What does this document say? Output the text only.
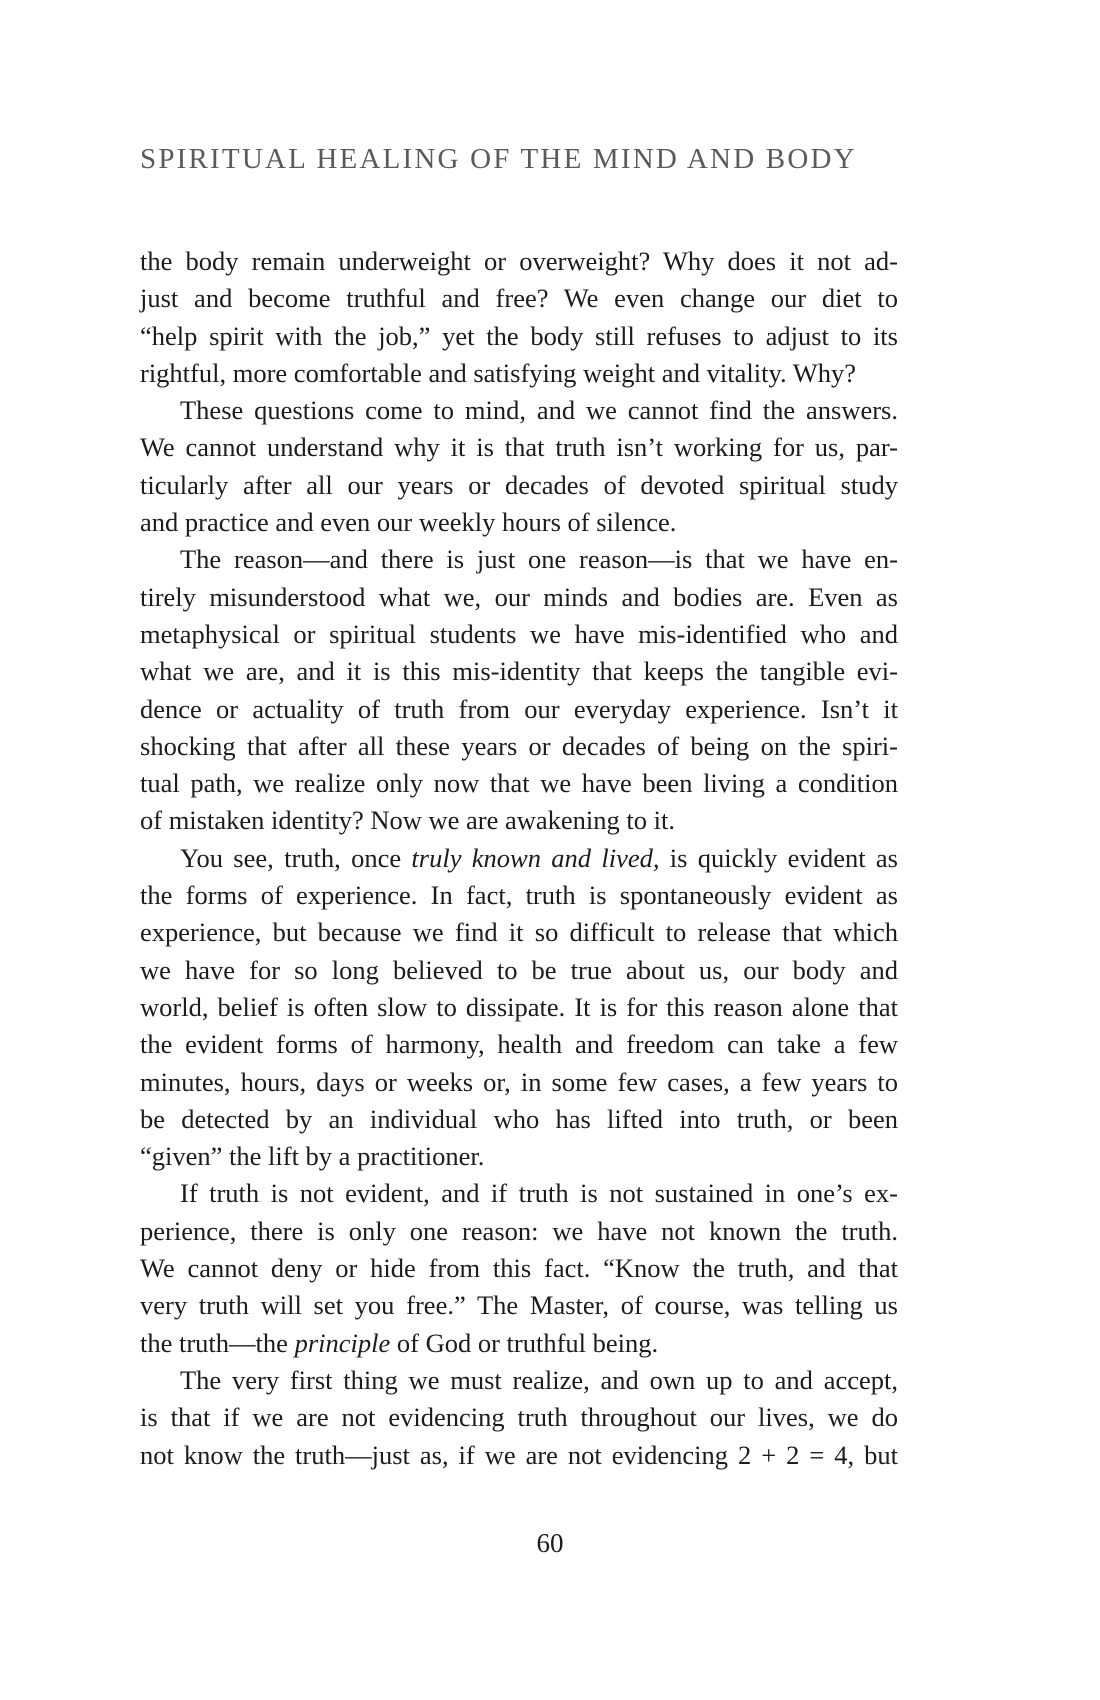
SPIRITUAL HEALING OF THE MIND AND BODY
the body remain underweight or overweight? Why does it not ad-
just and become truthful and free? We even change our diet to
“help spirit with the job,” yet the body still refuses to adjust to its
rightful, more comfortable and satisfying weight and vitality. Why?
These questions come to mind, and we cannot find the answers.
We cannot understand why it is that truth isn’t working for us, par-
ticularly after all our years or decades of devoted spiritual study
and practice and even our weekly hours of silence.
The reason—and there is just one reason—is that we have en-
tirely misunderstood what we, our minds and bodies are. Even as
metaphysical or spiritual students we have mis-identified who and
what we are, and it is this mis-identity that keeps the tangible evi-
dence or actuality of truth from our everyday experience. Isn’t it
shocking that after all these years or decades of being on the spiri-
tual path, we realize only now that we have been living a condition
of mistaken identity? Now we are awakening to it.
You see, truth, once truly known and lived, is quickly evident as
the forms of experience. In fact, truth is spontaneously evident as
experience, but because we find it so difficult to release that which
we have for so long believed to be true about us, our body and
world, belief is often slow to dissipate. It is for this reason alone that
the evident forms of harmony, health and freedom can take a few
minutes, hours, days or weeks or, in some few cases, a few years to
be detected by an individual who has lifted into truth, or been
“given” the lift by a practitioner.
If truth is not evident, and if truth is not sustained in one’s ex-
perience, there is only one reason: we have not known the truth.
We cannot deny or hide from this fact. “Know the truth, and that
very truth will set you free.” The Master, of course, was telling us
the truth—the principle of God or truthful being.
The very first thing we must realize, and own up to and accept,
is that if we are not evidencing truth throughout our lives, we do
not know the truth—just as, if we are not evidencing 2 + 2 = 4, but
60
